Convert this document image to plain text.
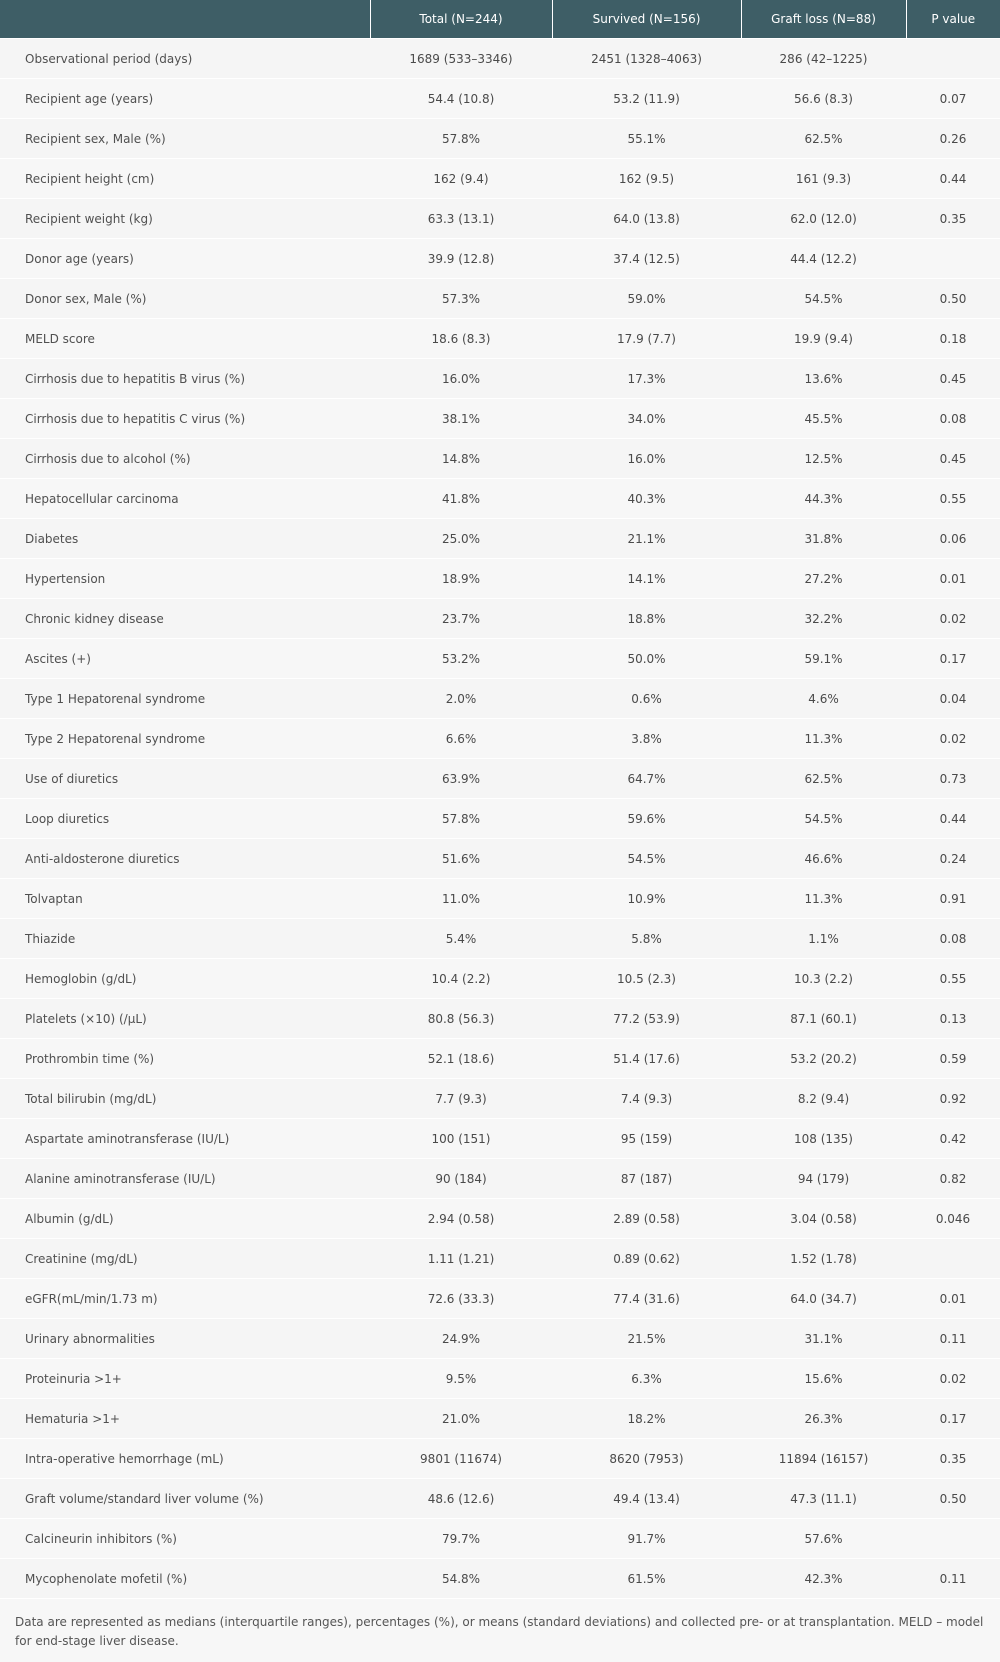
	Total (N=244)	Survived (N=156)	Graft loss (N=88)	P value
Observational period (days)	1689 (533–3346)	2451 (1328–4063)	286 (42–1225)	
Recipient age (years)	54.4 (10.8)	53.2 (11.9)	56.6 (8.3)	0.07
Recipient sex, Male (%)	57.8%	55.1%	62.5%	0.26
Recipient height (cm)	162 (9.4)	162 (9.5)	161 (9.3)	0.44
Recipient weight (kg)	63.3 (13.1)	64.0 (13.8)	62.0 (12.0)	0.35
Donor age (years)	39.9 (12.8)	37.4 (12.5)	44.4 (12.2)	
Donor sex, Male (%)	57.3%	59.0%	54.5%	0.50
MELD score	18.6 (8.3)	17.9 (7.7)	19.9 (9.4)	0.18
Cirrhosis due to hepatitis B virus (%)	16.0%	17.3%	13.6%	0.45
Cirrhosis due to hepatitis C virus (%)	38.1%	34.0%	45.5%	0.08
Cirrhosis due to alcohol (%)	14.8%	16.0%	12.5%	0.45
Hepatocellular carcinoma	41.8%	40.3%	44.3%	0.55
Diabetes	25.0%	21.1%	31.8%	0.06
Hypertension	18.9%	14.1%	27.2%	0.01
Chronic kidney disease	23.7%	18.8%	32.2%	0.02
Ascites (+)	53.2%	50.0%	59.1%	0.17
Type 1 Hepatorenal syndrome	2.0%	0.6%	4.6%	0.04
Type 2 Hepatorenal syndrome	6.6%	3.8%	11.3%	0.02
Use of diuretics	63.9%	64.7%	62.5%	0.73
Loop diuretics	57.8%	59.6%	54.5%	0.44
Anti-aldosterone diuretics	51.6%	54.5%	46.6%	0.24
Tolvaptan	11.0%	10.9%	11.3%	0.91
Thiazide	5.4%	5.8%	1.1%	0.08
Hemoglobin (g/dL)	10.4 (2.2)	10.5 (2.3)	10.3 (2.2)	0.55
Platelets (×10) (/μL)	80.8 (56.3)	77.2 (53.9)	87.1 (60.1)	0.13
Prothrombin time (%)	52.1 (18.6)	51.4 (17.6)	53.2 (20.2)	0.59
Total bilirubin (mg/dL)	7.7 (9.3)	7.4 (9.3)	8.2 (9.4)	0.92
Aspartate aminotransferase (IU/L)	100 (151)	95 (159)	108 (135)	0.42
Alanine aminotransferase (IU/L)	90 (184)	87 (187)	94 (179)	0.82
Albumin (g/dL)	2.94 (0.58)	2.89 (0.58)	3.04 (0.58)	0.046
Creatinine (mg/dL)	1.11 (1.21)	0.89 (0.62)	1.52 (1.78)	
eGFR(mL/min/1.73 m)	72.6 (33.3)	77.4 (31.6)	64.0 (34.7)	0.01
Urinary abnormalities	24.9%	21.5%	31.1%	0.11
Proteinuria >1+	9.5%	6.3%	15.6%	0.02
Hematuria >1+	21.0%	18.2%	26.3%	0.17
Intra-operative hemorrhage (mL)	9801 (11674)	8620 (7953)	11894 (16157)	0.35
Graft volume/standard liver volume (%)	48.6 (12.6)	49.4 (13.4)	47.3 (11.1)	0.50
Calcineurin inhibitors (%)	79.7%	91.7%	57.6%	
Mycophenolate mofetil (%)	54.8%	61.5%	42.3%	0.11
Data are represented as medians (interquartile ranges), percentages (%), or means (standard deviations) and collected pre- or at transplantation. MELD – model for end-stage liver disease.
